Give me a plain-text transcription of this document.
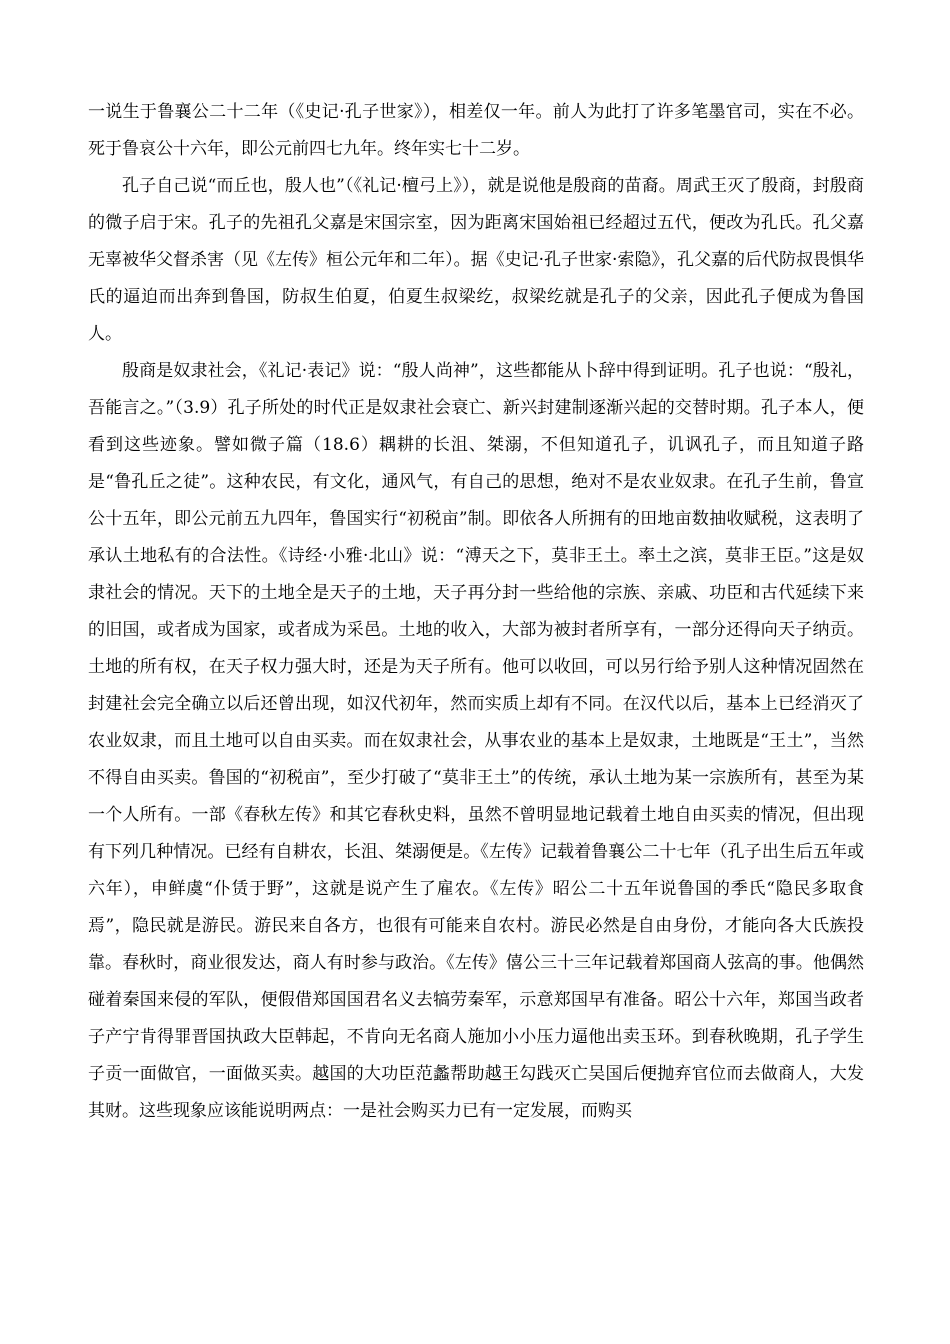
一说生于鲁襄公二十二年（《史记·孔子世家》），相差仅一年。前人为此打了许多笔墨官司，实在不必。死于鲁哀公十六年，即公元前四七九年。终年实七十二岁。

孔子自己说“而丘也，殷人也”（《礼记·檀弓上》），就是说他是殷商的苗裔。周武王灭了殷商，封殷商的微子启于宋。孔子的先祖孔父嘉是宋国宗室，因为距离宋国始祖已经超过五代，便改为孔氏。孔父嘉无辜被华父督杀害（见《左传》桓公元年和二年）。据《史记·孔子世家·索隐》，孔父嘉的后代防叔畏惧华氏的逼迫而出奔到鲁国，防叔生伯夏，伯夏生叔梁纥，叔梁纥就是孔子的父亲，因此孔子便成为鲁国人。

殷商是奴隶社会，《礼记·表记》说：“殷人尚神”，这些都能从卜辞中得到证明。孔子也说：“殷礼，吾能言之。”（3.9）孔子所处的时代正是奴隶社会衰亡、新兴封建制逐渐兴起的交替时期。孔子本人，便看到这些迹象。譬如微子篇（18.6）耦耕的长沮、桀溺，不但知道孔子，讥讽孔子，而且知道子路是“鲁孔丘之徒”。这种农民，有文化，通风气，有自己的思想，绝对不是农业奴隶。在孔子生前，鲁宣公十五年，即公元前五九四年，鲁国实行“初税亩”制。即依各人所拥有的田地亩数抽收赋税，这表明了承认土地私有的合法性。《诗经·小雅·北山》说：“溥天之下，莫非王土。率土之滨，莫非王臣。”这是奴隶社会的情况。天下的土地全是天子的土地，天子再分封一些给他的宗族、亲戚、功臣和古代延续下来的旧国，或者成为国家，或者成为采邑。土地的收入，大部为被封者所享有，一部分还得向天子纳贡。土地的所有权，在天子权力强大时，还是为天子所有。他可以收回，可以另行给予别人这种情况固然在封建社会完全确立以后还曾出现，如汉代初年，然而实质上却有不同。在汉代以后，基本上已经消灭了农业奴隶，而且土地可以自由买卖。而在奴隶社会，从事农业的基本上是奴隶，土地既是“王土”，当然不得自由买卖。鲁国的“初税亩”，至少打破了“莫非王土”的传统，承认土地为某一宗族所有，甚至为某一个人所有。一部《春秋左传》和其它春秋史料，虽然不曾明显地记载着土地自由买卖的情况，但出现有下列几种情况。已经有自耕农，长沮、桀溺便是。《左传》记载着鲁襄公二十七年（孔子出生后五年或六年），申鲜虞“仆赁于野”，这就是说产生了雇农。《左传》昭公二十五年说鲁国的季氏“隐民多取食焉”，隐民就是游民。游民来自各方，也很有可能来自农村。游民必然是自由身份，才能向各大氏族投靠。春秋时，商业很发达，商人有时参与政治。《左传》僖公三十三年记载着郑国商人弦高的事。他偶然碰着秦国来侵的军队，便假借郑国国君名义去犒劳秦军，示意郑国早有准备。昭公十六年，郑国当政者子产宁肯得罪晋国执政大臣韩起，不肯向无名商人施加小小压力逼他出卖玉环。到春秋晚期，孔子学生子贡一面做官，一面做买卖。越国的大功臣范蠡帮助越王勾践灭亡吴国后便抛弃官位而去做商人，大发其财。这些现象应该能说明两点：一是社会购买力已有一定发展，而购买
